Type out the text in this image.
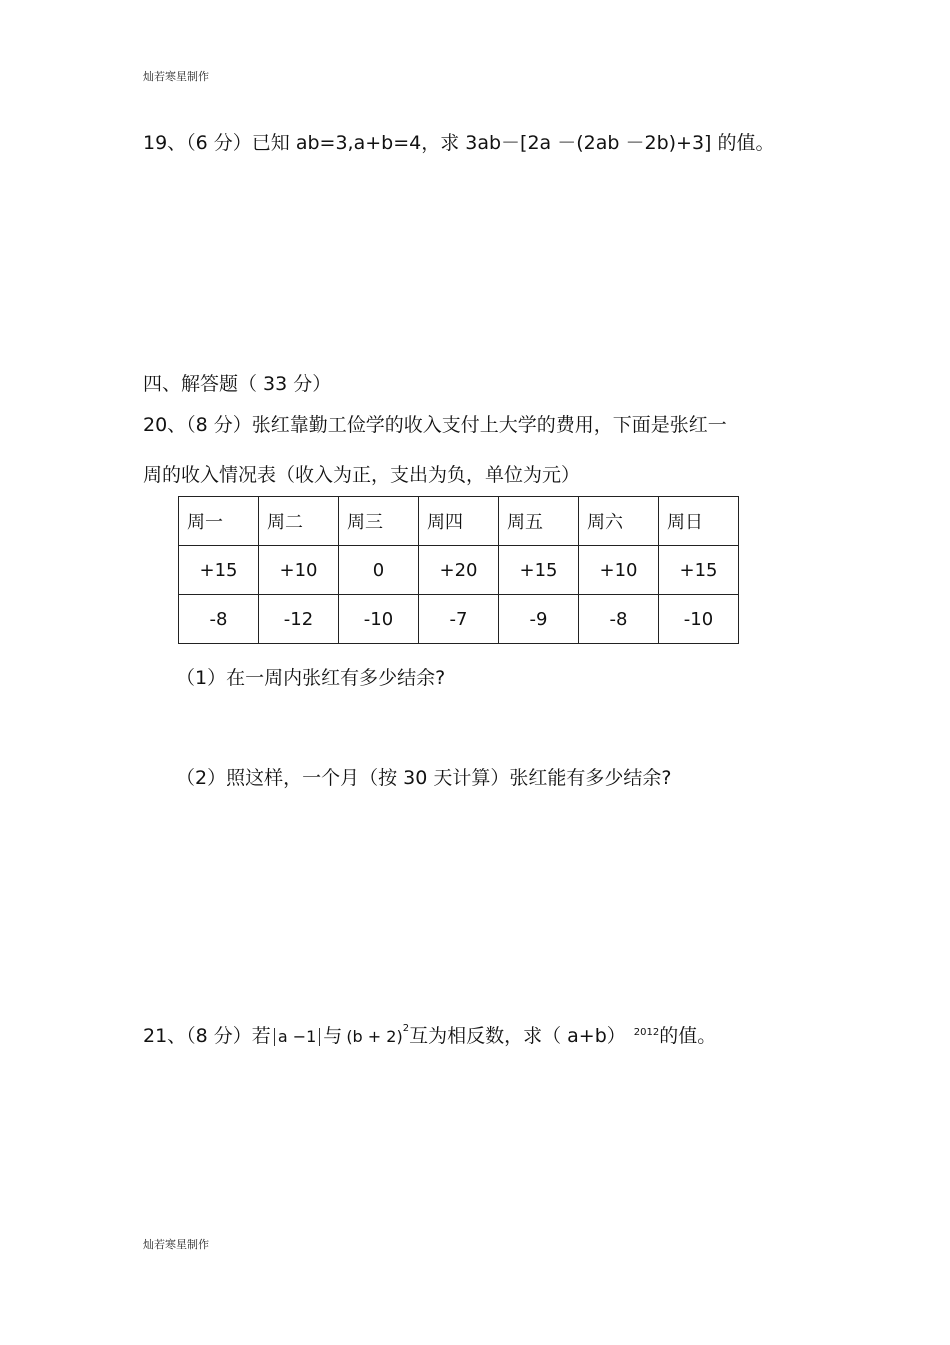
灿若寒星制作
19、（6 分）已知 ab=3,a+b=4，求 3ab－[2a －(2ab －2b)+3] 的值。
四、解答题（ 33 分）
20、（8 分）张红靠勤工俭学的收入支付上大学的费用，下面是张红一
周的收入情况表（收入为正，支出为负，单位为元）
周一	周二	周三	周四	周五	周六	周日
+15	+10	0	+20	+15	+10	+15
-8	-12	-10	-7	-9	-8	-10
（1）在一周内张红有多少结余?
（2）照这样，一个月（按 30 天计算）张红能有多少结余?
21、（8 分）若 a −1 与 $(b + 2)^2$互为相反数，求（ a+b） $^{2012}$的值。
灿若寒星制作
